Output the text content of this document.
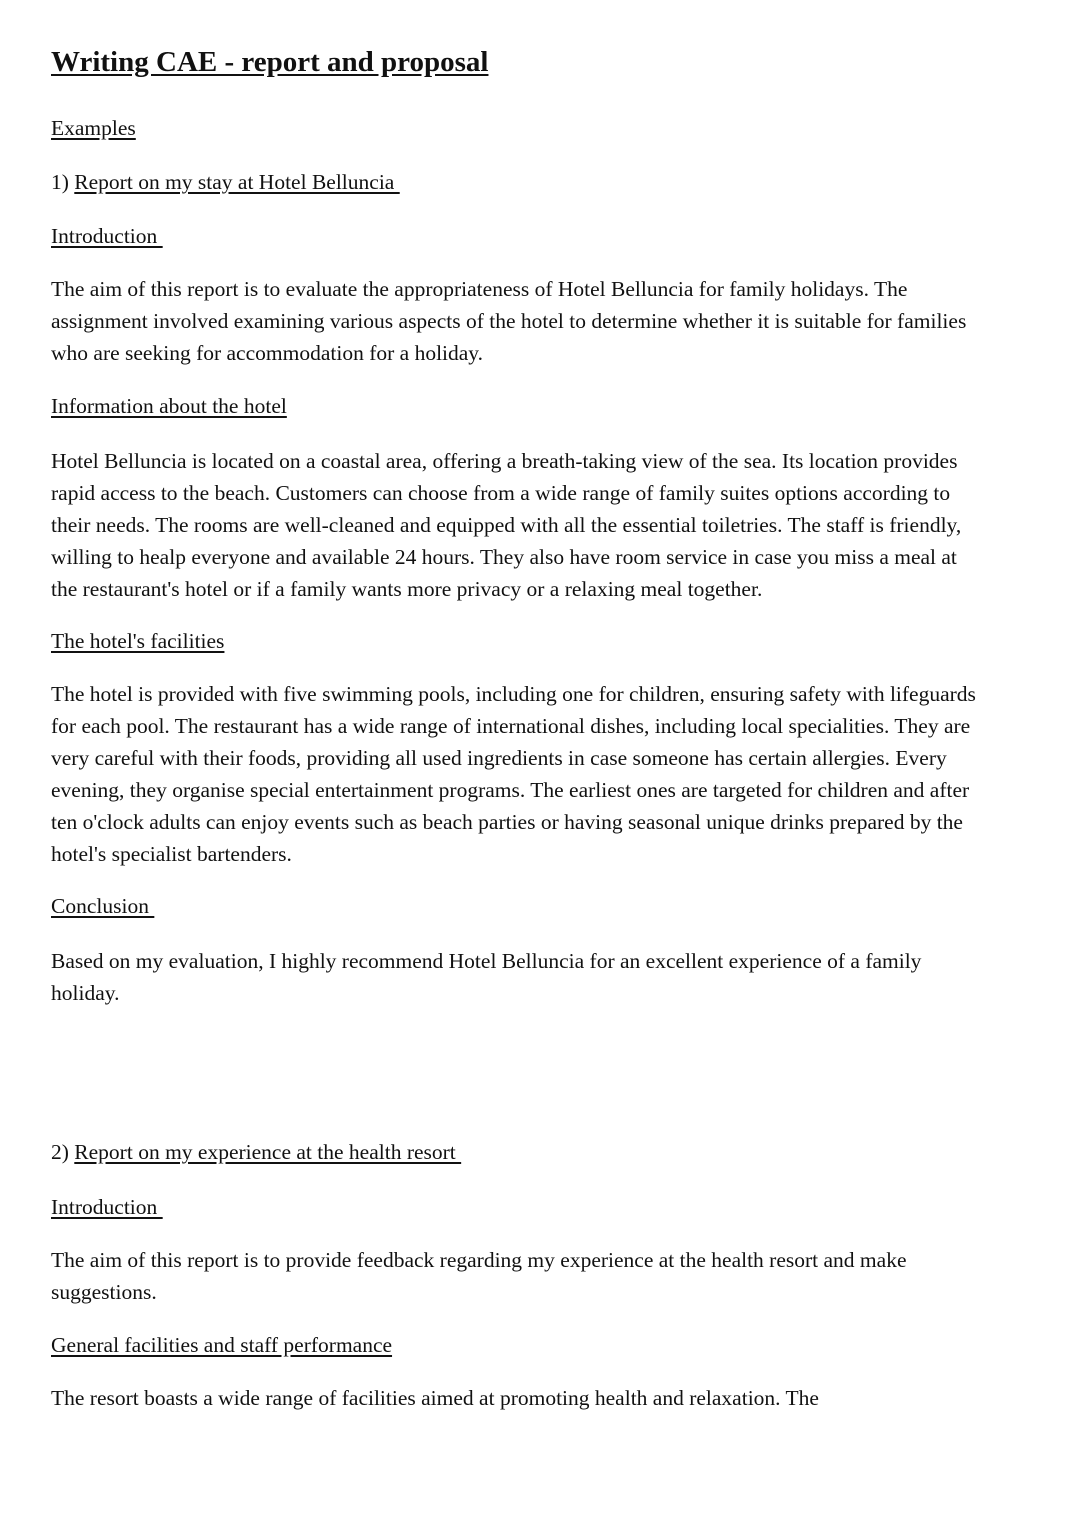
Writing CAE - report and proposal

Examples

1) Report on my stay at Hotel Belluncia

Introduction

The aim of this report is to evaluate the appropriateness of Hotel Belluncia for family holidays. The
assignment involved examining various aspects of the hotel to determine whether it is suitable for families
who are seeking for accommodation for a holiday.

Information about the hotel

Hotel Belluncia is located on a coastal area, offering a breath-taking view of the sea. Its location provides
rapid access to the beach. Customers can choose from a wide range of family suites options according to
their needs. The rooms are well-cleaned and equipped with all the essential toiletries. The staff is friendly,
willing to healp everyone and available 24 hours. They also have room service in case you miss a meal at
the restaurant's hotel or if a family wants more privacy or a relaxing meal together.

The hotel's facilities

The hotel is provided with five swimming pools, including one for children, ensuring safety with lifeguards
for each pool. The restaurant has a wide range of international dishes, including local specialities. They are
very careful with their foods, providing all used ingredients in case someone has certain allergies. Every
evening, they organise special entertainment programs. The earliest ones are targeted for children and after
ten o'clock adults can enjoy events such as beach parties or having seasonal unique drinks prepared by the
hotel's specialist bartenders.

Conclusion

Based on my evaluation, I highly recommend Hotel Belluncia for an excellent experience of a family
holiday.

2) Report on my experience at the health resort

Introduction

The aim of this report is to provide feedback regarding my experience at the health resort and make
suggestions.

General facilities and staff performance

The resort boasts a wide range of facilities aimed at promoting health and relaxation. The
